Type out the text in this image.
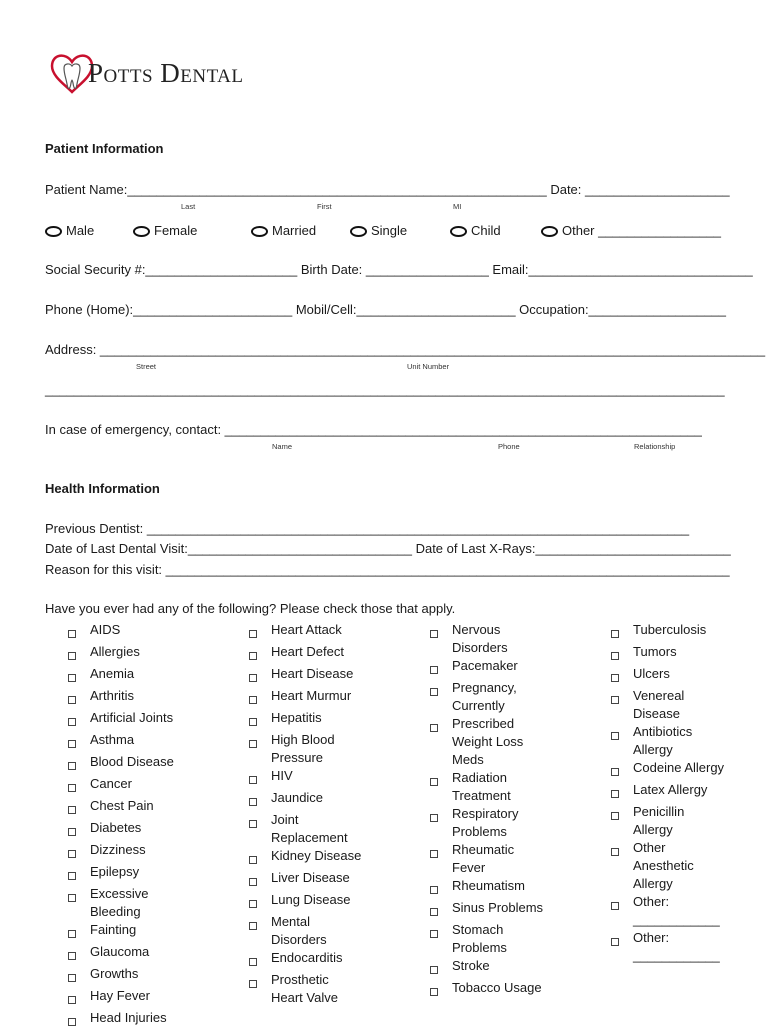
Potts Dental
Patient Information
Patient Name:__________________________________________________________ Date: ____________________
Last	First	MI
Male	Female	Married	Single	Child	Other _________________
Social Security #:_____________________ Birth Date: _________________ Email:_______________________________
Phone (Home):______________________ Mobil/Cell:______________________ Occupation:___________________
Address: ____________________________________________________________________________________________
Street	Unit Number
______________________________________________________________________________________________
In case of emergency, contact: __________________________________________________________________
Name	Phone	Relationship
Health Information
Previous Dentist: ___________________________________________________________________________
Date of Last Dental Visit:_______________________________ Date of Last X-Rays:___________________________
Reason for this visit: ______________________________________________________________________________
Have you ever had any of the following? Please check those that apply.
AIDS
Allergies
Anemia
Arthritis
Artificial Joints
Asthma
Blood Disease
Cancer
Chest Pain
Diabetes
Dizziness
Epilepsy
Excessive Bleeding
Fainting
Glaucoma
Growths
Hay Fever
Head Injuries
Heart Attack
Heart Defect
Heart Disease
Heart Murmur
Hepatitis
High Blood Pressure
HIV
Jaundice
Joint Replacement
Kidney Disease
Liver Disease
Lung Disease
Mental Disorders
Endocarditis
Prosthetic Heart Valve
Nervous Disorders
Pacemaker
Pregnancy, Currently
Prescribed Weight Loss Meds
Radiation Treatment
Respiratory Problems
Rheumatic Fever
Rheumatism
Sinus Problems
Stomach Problems
Stroke
Tobacco Usage
Tuberculosis
Tumors
Ulcers
Venereal Disease
Antibiotics Allergy
Codeine Allergy
Latex Allergy
Penicillin Allergy
Other Anesthetic Allergy
Other: ____________
Other: ____________
